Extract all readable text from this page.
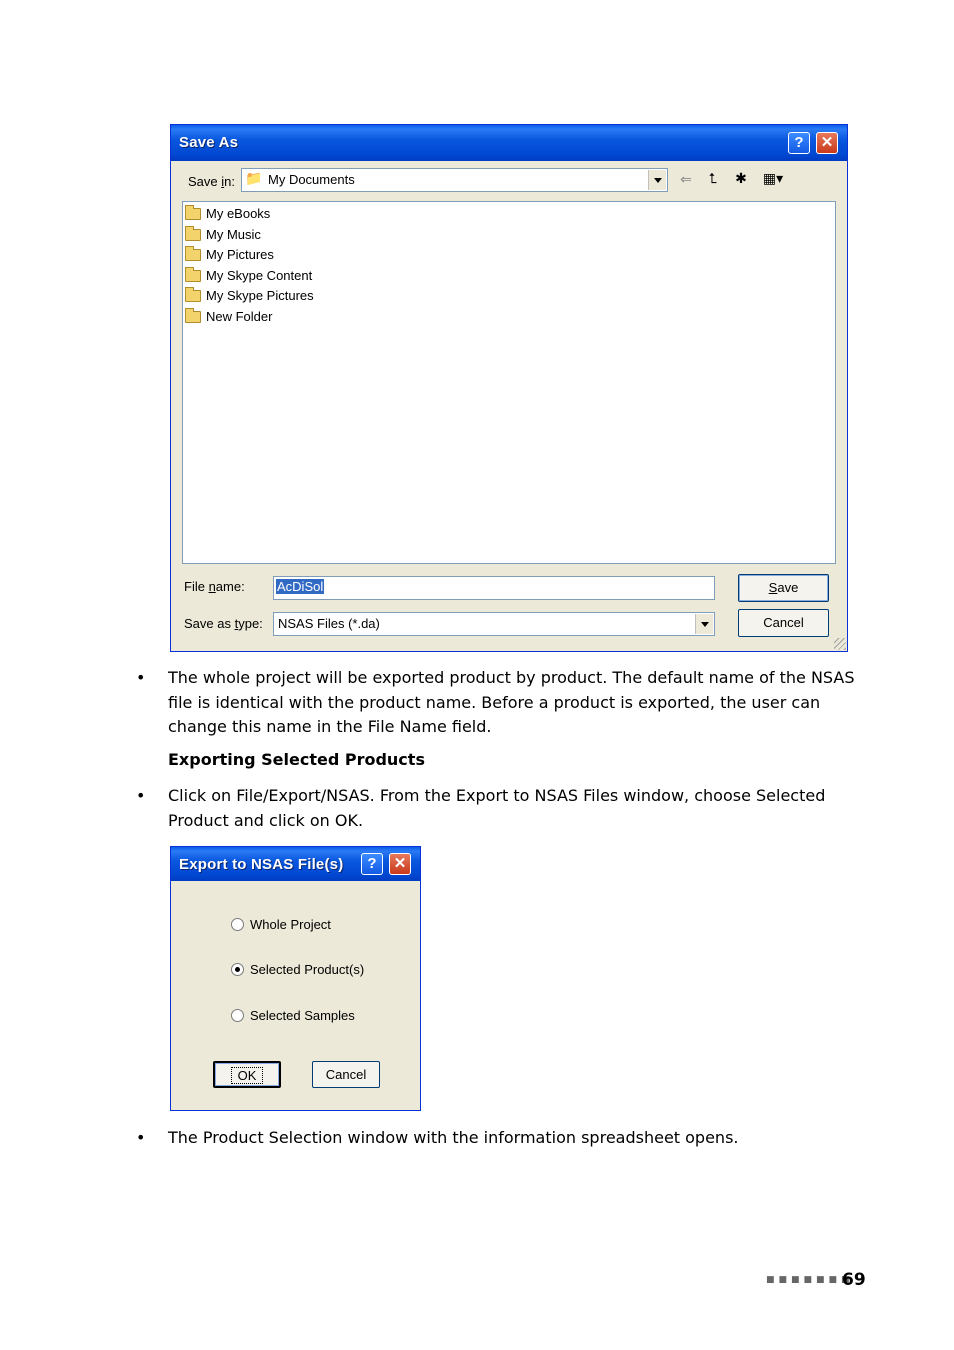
Save As	?	✕
Save in: 📁 My Documents	⇐	⮤	✱ ▦▾
My eBooks
My Music
My Pictures
My Skype Content
My Skype Pictures
New Folder
File name: AcDiSol
Save as type: NSAS Files (*.da)
Save
Cancel
• The whole project will be exported product by product. The default name of the NSAS file is identical with the product name. Before a product is exported, the user can change this name in the File Name field.
Exporting Selected Products
• Click on File/Export/NSAS. From the Export to NSAS Files window, choose Selected Product and click on OK.
Export to NSAS File(s)	?	✕
Whole Project
Selected Product(s)
Selected Samples
OK	Cancel
• The Product Selection window with the information spreadsheet opens.
■■■■■■■
69
